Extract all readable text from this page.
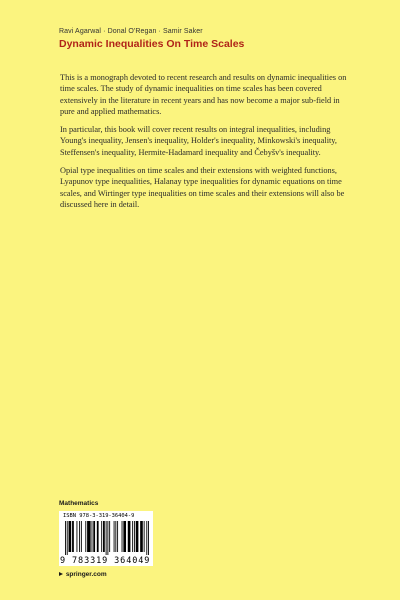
Ravi Agarwal · Donal O'Regan · Samir Saker
Dynamic Inequalities On Time Scales

This is a monograph devoted to recent research and results on dynamic inequalities on time scales. The study of dynamic inequalities on time scales has been covered extensively in the literature in recent years and has now become a major sub-field in pure and applied mathematics.

In particular, this book will cover recent results on integral inequalities, including Young's inequality, Jensen's inequality, Holder's inequality, Minkowski's inequality, Steffensen's inequality, Hermite-Hadamard inequality and Čebyšv's inequality.

Opial type inequalities on time scales and their extensions with weighted functions, Lyapunov type inequalities, Halanay type inequalities for dynamic equations on time scales, and Wirtinger type inequalities on time scales and their extensions will also be discussed here in detail.

Mathematics
ISBN 978-3-319-36404-9
9 783319 364049
springer.com
